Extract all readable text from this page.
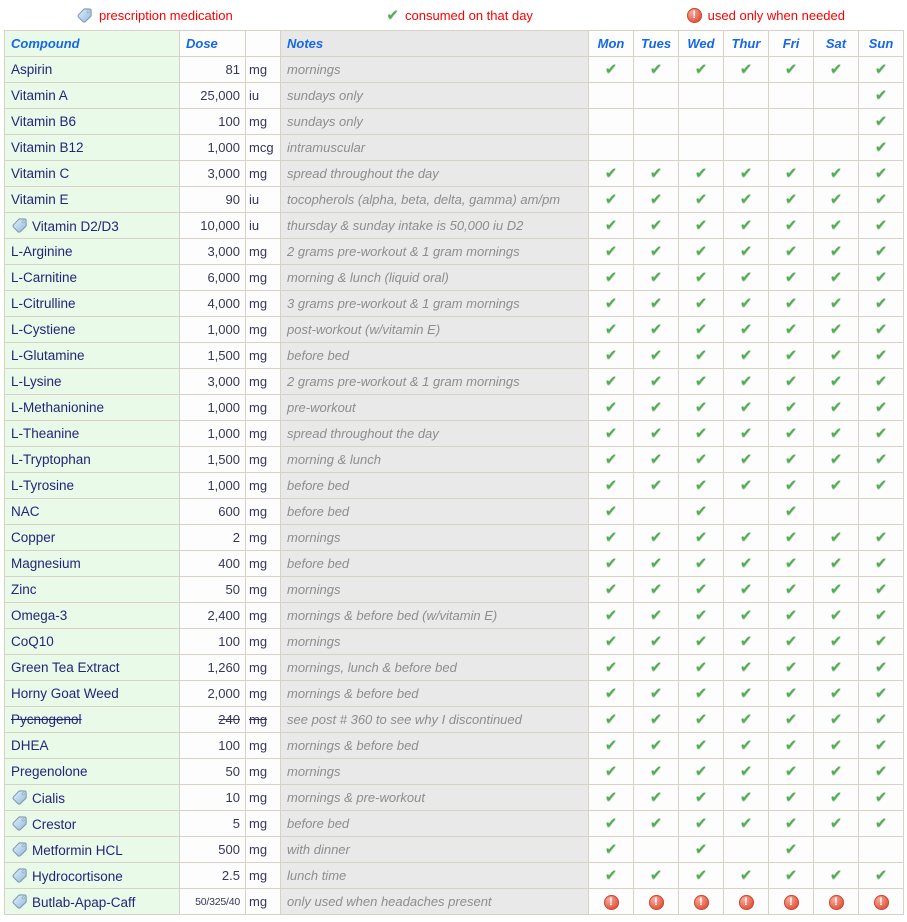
prescription medication	✔ consumed on that day	! used only when needed
Compound	Dose		Notes	Mon	Tues	Wed	Thur	Fri	Sat	Sun
Aspirin	81	mg	mornings	✔	✔	✔	✔	✔	✔	✔
Vitamin A	25,000	iu	sundays only							✔
Vitamin B6	100	mg	sundays only							✔
Vitamin B12	1,000	mcg	intramuscular							✔
Vitamin C	3,000	mg	spread throughout the day	✔	✔	✔	✔	✔	✔	✔
Vitamin E	90	iu	tocopherols (alpha, beta, delta, gamma) am/pm	✔	✔	✔	✔	✔	✔	✔
Vitamin D2/D3	10,000	iu	thursday & sunday intake is 50,000 iu D2	✔	✔	✔	✔	✔	✔	✔
L-Arginine	3,000	mg	2 grams pre-workout & 1 gram mornings	✔	✔	✔	✔	✔	✔	✔
L-Carnitine	6,000	mg	morning & lunch (liquid oral)	✔	✔	✔	✔	✔	✔	✔
L-Citrulline	4,000	mg	3 grams pre-workout & 1 gram mornings	✔	✔	✔	✔	✔	✔	✔
L-Cystiene	1,000	mg	post-workout (w/vitamin E)	✔	✔	✔	✔	✔	✔	✔
L-Glutamine	1,500	mg	before bed	✔	✔	✔	✔	✔	✔	✔
L-Lysine	3,000	mg	2 grams pre-workout & 1 gram mornings	✔	✔	✔	✔	✔	✔	✔
L-Methanionine	1,000	mg	pre-workout	✔	✔	✔	✔	✔	✔	✔
L-Theanine	1,000	mg	spread throughout the day	✔	✔	✔	✔	✔	✔	✔
L-Tryptophan	1,500	mg	morning & lunch	✔	✔	✔	✔	✔	✔	✔
L-Tyrosine	1,000	mg	before bed	✔	✔	✔	✔	✔	✔	✔
NAC	600	mg	before bed	✔		✔		✔		
Copper	2	mg	mornings	✔	✔	✔	✔	✔	✔	✔
Magnesium	400	mg	before bed	✔	✔	✔	✔	✔	✔	✔
Zinc	50	mg	mornings	✔	✔	✔	✔	✔	✔	✔
Omega-3	2,400	mg	mornings & before bed (w/vitamin E)	✔	✔	✔	✔	✔	✔	✔
CoQ10	100	mg	mornings	✔	✔	✔	✔	✔	✔	✔
Green Tea Extract	1,260	mg	mornings, lunch & before bed	✔	✔	✔	✔	✔	✔	✔
Horny Goat Weed	2,000	mg	mornings & before bed	✔	✔	✔	✔	✔	✔	✔
Pycnogenol	240	mg	see post # 360 to see why I discontinued	✔	✔	✔	✔	✔	✔	✔
DHEA	100	mg	mornings & before bed	✔	✔	✔	✔	✔	✔	✔
Pregenolone	50	mg	mornings	✔	✔	✔	✔	✔	✔	✔
Cialis	10	mg	mornings & pre-workout	✔	✔	✔	✔	✔	✔	✔
Crestor	5	mg	before bed	✔	✔	✔	✔	✔	✔	✔
Metformin HCL	500	mg	with dinner	✔		✔		✔		
Hydrocortisone	2.5	mg	lunch time	✔	✔	✔	✔	✔	✔	✔
Butlab-Apap-Caff	50/325/40	mg	only used when headaches present	!	!	!	!	!	!	!
